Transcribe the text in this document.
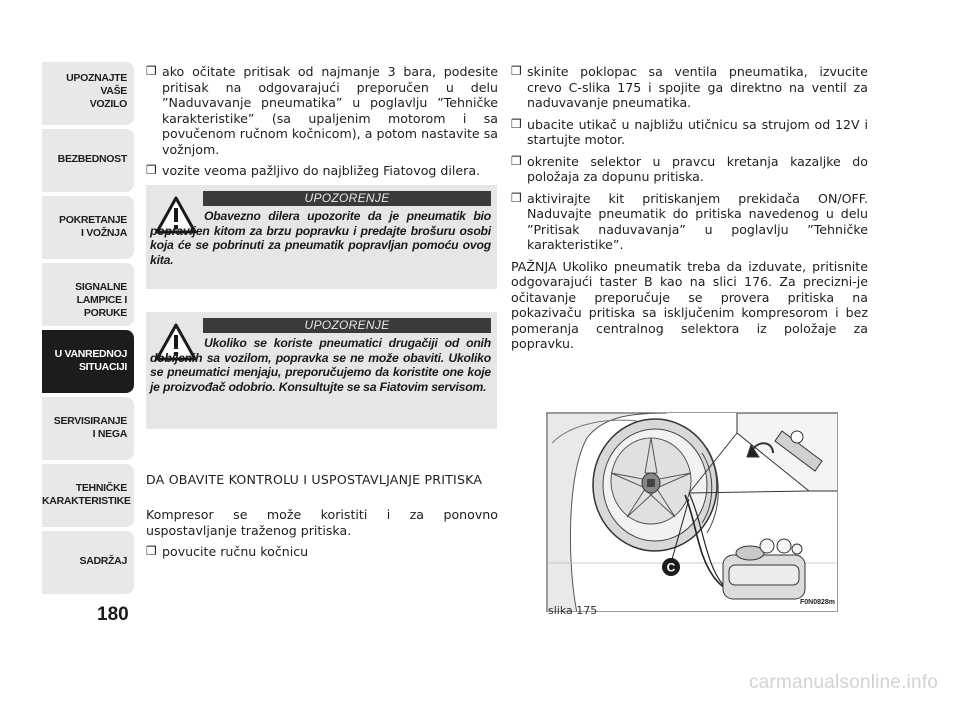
UPOZNAJTE
VAŠE
VOZILO
BEZBEDNOST
POKRETANJE
I VOŽNJA
SIGNALNE
LAMPICE I PORUKE
U VANREDNOJ
SITUACIJI
SERVISIRANJE
I NEGA
TEHNIČKE
KARAKTERISTIKE
SADRŽAJ
180
❒ ako očitate pritisak od najmanje 3 bara, podesite pritisak na odgovarajući preporučen u delu ”Naduvavanje pneumatika” u poglavlju ”Tehničke karakteristike” (sa upaljenim motorom i sa povučenom ručnom kočnicom), a potom nastavite sa vožnjom.
❒ vozite veoma pažljivo do najbližeg Fiatovog dilera.
UPOZORENJE
Obavezno dilera upozorite da je pneumatik bio popravljen kitom za brzu popravku i predajte brošuru osobi koja će se pobrinuti za pneumatik popravljan pomoću ovog kita.
UPOZORENJE
Ukoliko se koriste pneumatici drugačiji od onih dobijenih sa vozilom, popravka se ne može obaviti. Ukoliko se pneumatici menjaju, preporučujemo da koristite one koje je proizvođač odobrio. Konsultujte se sa Fiatovim servisom.
DA OBAVITE KONTROLU I USPOSTAVLJANJE PRITISKA
Kompresor se može koristiti i za ponovno uspostavljanje traženog pritiska.
❒ povucite ručnu kočnicu
❒ skinite poklopac sa ventila pneumatika, izvucite crevo C-slika 175 i spojite ga direktno na ventil za naduvavanje pneumatika.
❒ ubacite utikač u najbližu utičnicu sa strujom od 12V i startujte motor.
❒ okrenite selektor u pravcu kretanja kazaljke do položaja za dopunu pritiska.
❒ aktivirajte kit pritiskanjem prekidača ON/OFF. Naduvajte pneumatik do pritiska navedenog u delu ”Pritisak naduvavanja” u poglavlju ”Tehničke karakteristike”.
PAŽNJA Ukoliko pneumatik treba da izduvate, pritisnite odgovarajući taster B kao na slici 176. Za precizni-je očitavanje preporučuje se provera pritiska na pokazivaču pritiska sa isključenim kompresorom i bez pomeranja centralnog selektora iz položaje za popravku.
C
slika 175
F0N0828m
carmanualsonline.info
